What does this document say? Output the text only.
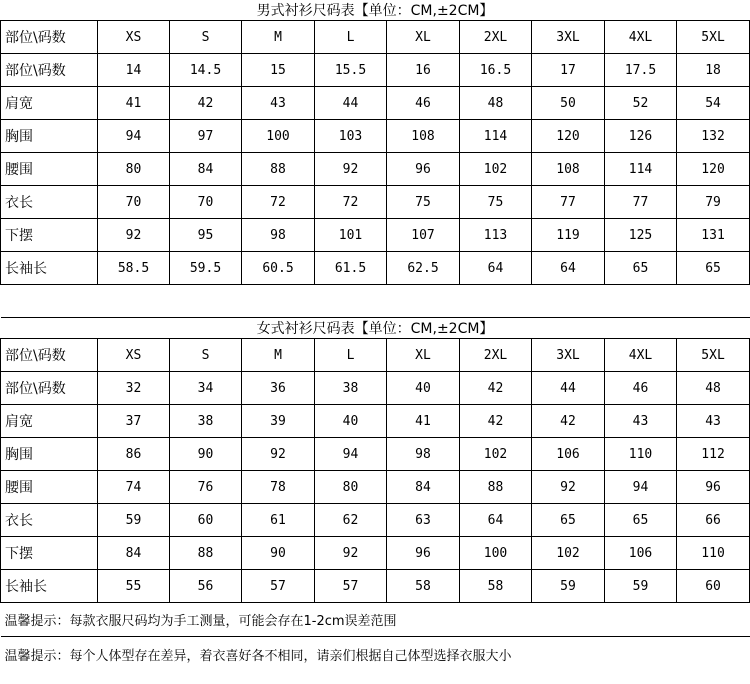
男式衬衫尺码表【单位：CM,±2CM】									
部位\码数	XS	S	M	L	XL	2XL	3XL	4XL	5XL
部位\码数	14	14.5	15	15.5	16	16.5	17	17.5	18
肩宽	41	42	43	44	46	48	50	52	54
胸围	94	97	100	103	108	114	120	126	132
腰围	80	84	88	92	96	102	108	114	120
衣长	70	70	72	72	75	75	77	77	79
下摆	92	95	98	101	107	113	119	125	131
长袖长	58.5	59.5	60.5	61.5	62.5	64	64	65	65

女式衬衫尺码表【单位：CM,±2CM】									
部位\码数	XS	S	M	L	XL	2XL	3XL	4XL	5XL
部位\码数	32	34	36	38	40	42	44	46	48
肩宽	37	38	39	40	41	42	42	43	43
胸围	86	90	92	94	98	102	106	110	112
腰围	74	76	78	80	84	88	92	94	96
衣长	59	60	61	62	63	64	65	65	66
下摆	84	88	90	92	96	100	102	106	110
长袖长	55	56	57	57	58	58	59	59	60
温馨提示：每款衣服尺码均为手工测量，可能会存在1-2cm误差范围									
温馨提示：每个人体型存在差异，着衣喜好各不相同，请亲们根据自己体型选择衣服大小									
